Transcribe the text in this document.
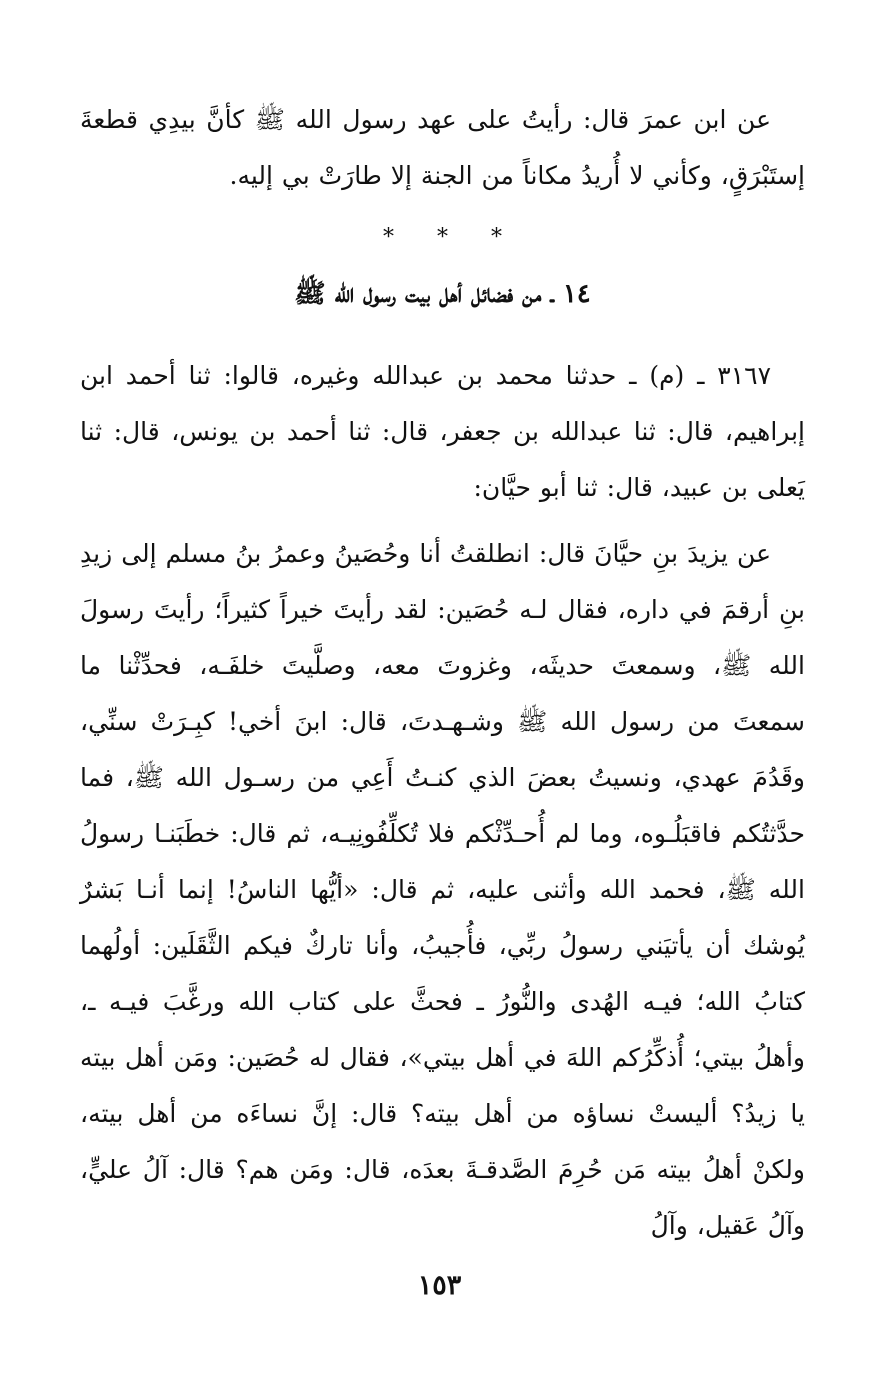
عن ابن عمرَ قال: رأيتُ على عهد رسول الله ﷺ كأنَّ بيدِي قطعةَ إستَبْرَقٍ، وكأني لا أُريدُ مكاناً من الجنة إلا طارَتْ بي إليه.

* * *
١٤ ـ من فضائل أهل بيت رسول الله ﷺ

٣١٦٧ ـ (م) ـ حدثنا محمد بن عبدالله وغيره، قالوا: ثنا أحمد ابن إبراهيم، قال: ثنا عبدالله بن جعفر، قال: ثنا أحمد بن يونس، قال: ثنا يَعلى بن عبيد، قال: ثنا أبو حيَّان:

عن يزيدَ بنِ حيَّانَ قال: انطلقتُ أنا وحُصَينُ وعمرُ بنُ مسلم إلى زيدِ بنِ أرقمَ في داره، فقال لـه حُصَين: لقد رأيتَ خيراً كثيراً؛ رأيتَ رسولَ الله ﷺ، وسمعتَ حديثَه، وغزوتَ معه، وصلَّيتَ خلفَـه، فحدِّثْنا ما سمعتَ من رسول الله ﷺ وشـهـدتَ، قال: ابنَ أخي! كبِـرَتْ سنِّي، وقَدُمَ عهدي، ونسيتُ بعضَ الذي كنـتُ أَعِي من رسـول الله ﷺ، فما حدَّثتُكم فاقبَلُـوه، وما لم أُحـدِّثْكم فلا تُكلِّفُونِيـه، ثم قال: خطَبَنـا رسولُ الله ﷺ، فحمد الله وأثنى عليه، ثم قال: «أيُّها الناسُ! إنما أنـا بَشرٌ يُوشك أن يأتيَني رسولُ ربِّي، فأُجيبُ، وأنا تاركٌ فيكم الثَّقَلَين: أولُهما كتابُ الله؛ فيـه الهُدى والنُّورُ ـ فحثَّ على كتاب الله ورغَّبَ فيـه ـ، وأهلُ بيتي؛ أُذكِّرُكم اللهَ في أهل بيتي»، فقال له حُصَين: ومَن أهل بيته يا زيدُ؟ أليستْ نساؤه من أهل بيته؟ قال: إنَّ نساءَه من أهل بيته، ولكنْ أهلُ بيته مَن حُرِمَ الصَّدقـةَ بعدَه، قال: ومَن هم؟ قال: آلُ عليٍّ، وآلُ عَقيل، وآلُ

١٥٣
